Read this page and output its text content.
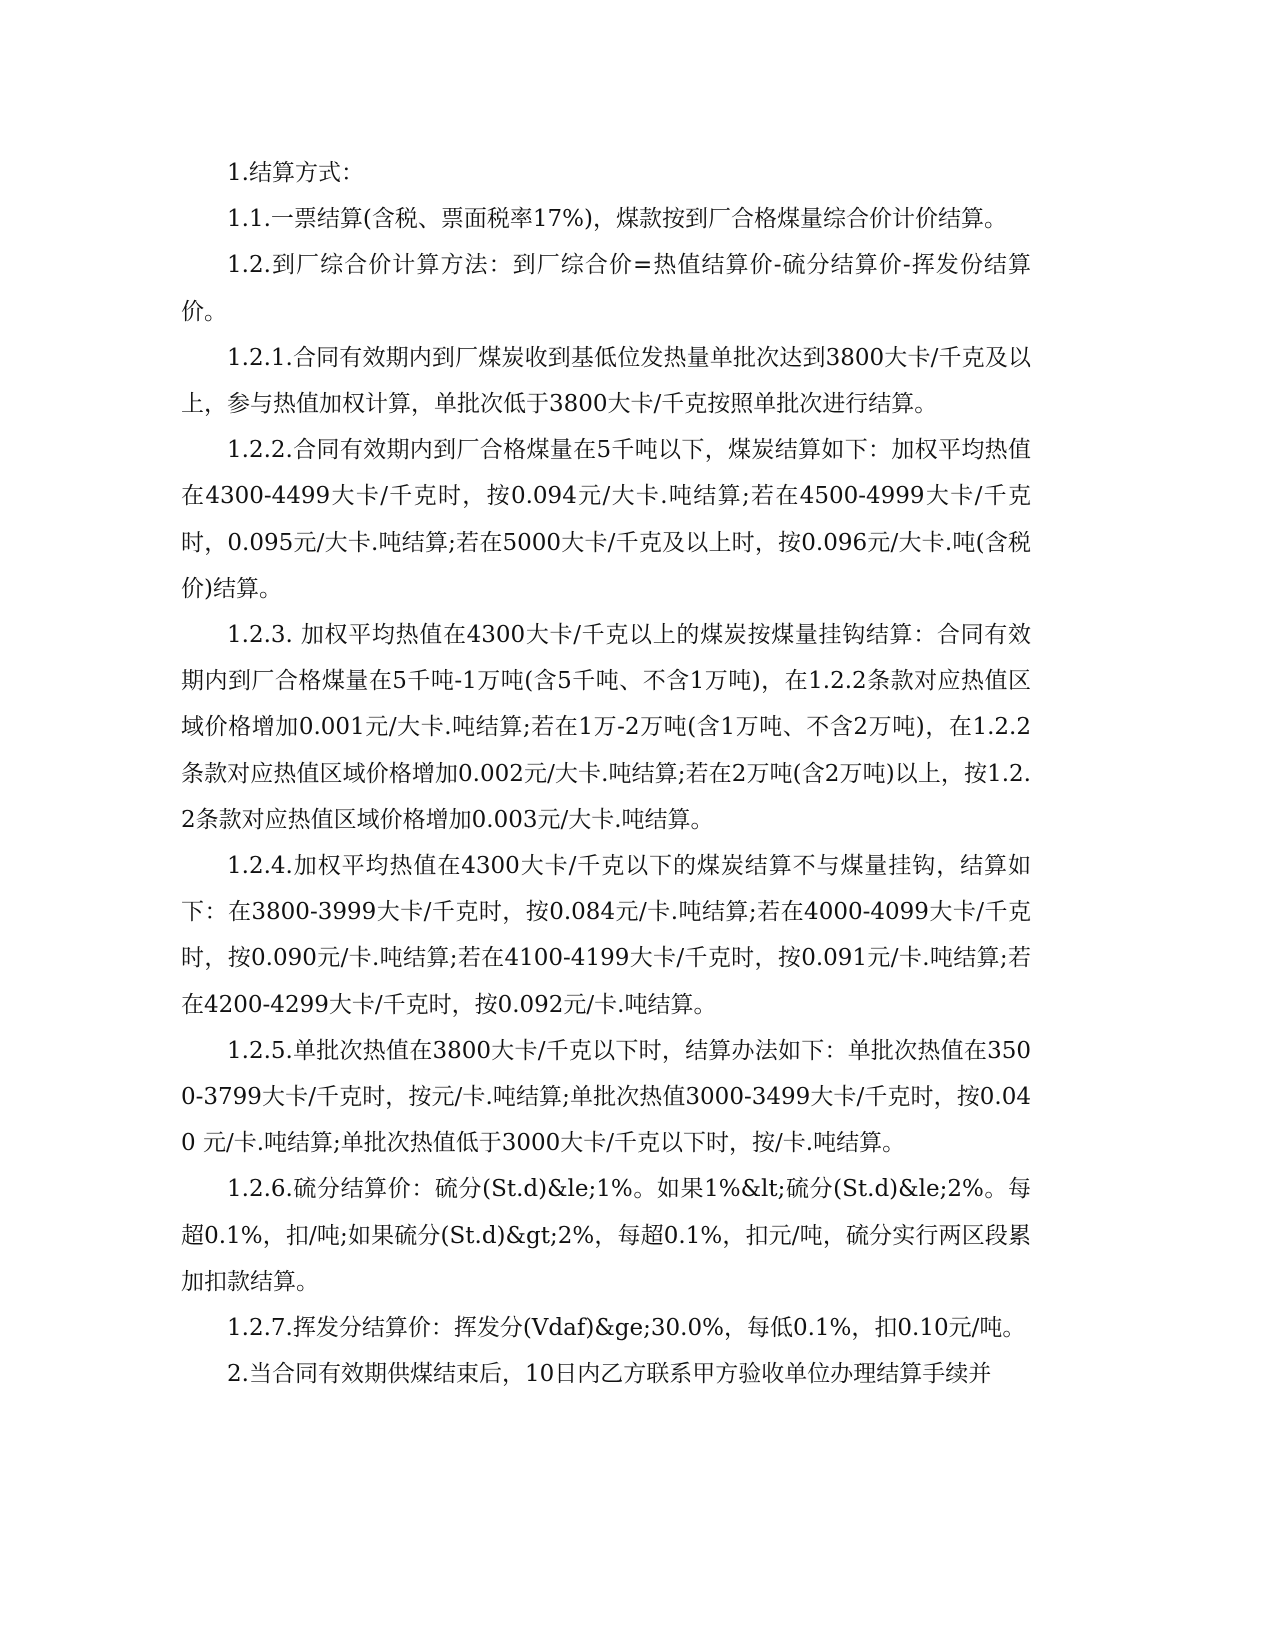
1.结算方式：

1.1.一票结算(含税、票面税率17%)，煤款按到厂合格煤量综合价计价结算。

1.2.到厂综合价计算方法：到厂综合价=热值结算价-硫分结算价-挥发份结算价。

1.2.1.合同有效期内到厂煤炭收到基低位发热量单批次达到3800大卡/千克及以上，参与热值加权计算，单批次低于3800大卡/千克按照单批次进行结算。

1.2.2.合同有效期内到厂合格煤量在5千吨以下，煤炭结算如下：加权平均热值在4300-4499大卡/千克时，按0.094元/大卡.吨结算;若在4500-4999大卡/千克时，0.095元/大卡.吨结算;若在5000大卡/千克及以上时，按0.096元/大卡.吨(含税价)结算。

1.2.3. 加权平均热值在4300大卡/千克以上的煤炭按煤量挂钩结算：合同有效期内到厂合格煤量在5千吨-1万吨(含5千吨、不含1万吨)，在1.2.2条款对应热值区域价格增加0.001元/大卡.吨结算;若在1万-2万吨(含1万吨、不含2万吨)，在1.2.2条款对应热值区域价格增加0.002元/大卡.吨结算;若在2万吨(含2万吨)以上，按1.2.2条款对应热值区域价格增加0.003元/大卡.吨结算。

1.2.4.加权平均热值在4300大卡/千克以下的煤炭结算不与煤量挂钩，结算如下：在3800-3999大卡/千克时，按0.084元/卡.吨结算;若在4000-4099大卡/千克时，按0.090元/卡.吨结算;若在4100-4199大卡/千克时，按0.091元/卡.吨结算;若在4200-4299大卡/千克时，按0.092元/卡.吨结算。

1.2.5.单批次热值在3800大卡/千克以下时，结算办法如下：单批次热值在3500-3799大卡/千克时，按元/卡.吨结算;单批次热值3000-3499大卡/千克时，按0.040 元/卡.吨结算;单批次热值低于3000大卡/千克以下时，按/卡.吨结算。

1.2.6.硫分结算价：硫分(St.d)&le;1%。如果1%&lt;硫分(St.d)&le;2%。每超0.1%，扣/吨;如果硫分(St.d)&gt;2%，每超0.1%，扣元/吨，硫分实行两区段累加扣款结算。

1.2.7.挥发分结算价：挥发分(Vdaf)&ge;30.0%，每低0.1%，扣0.10元/吨。

2.当合同有效期供煤结束后，10日内乙方联系甲方验收单位办理结算手续并
